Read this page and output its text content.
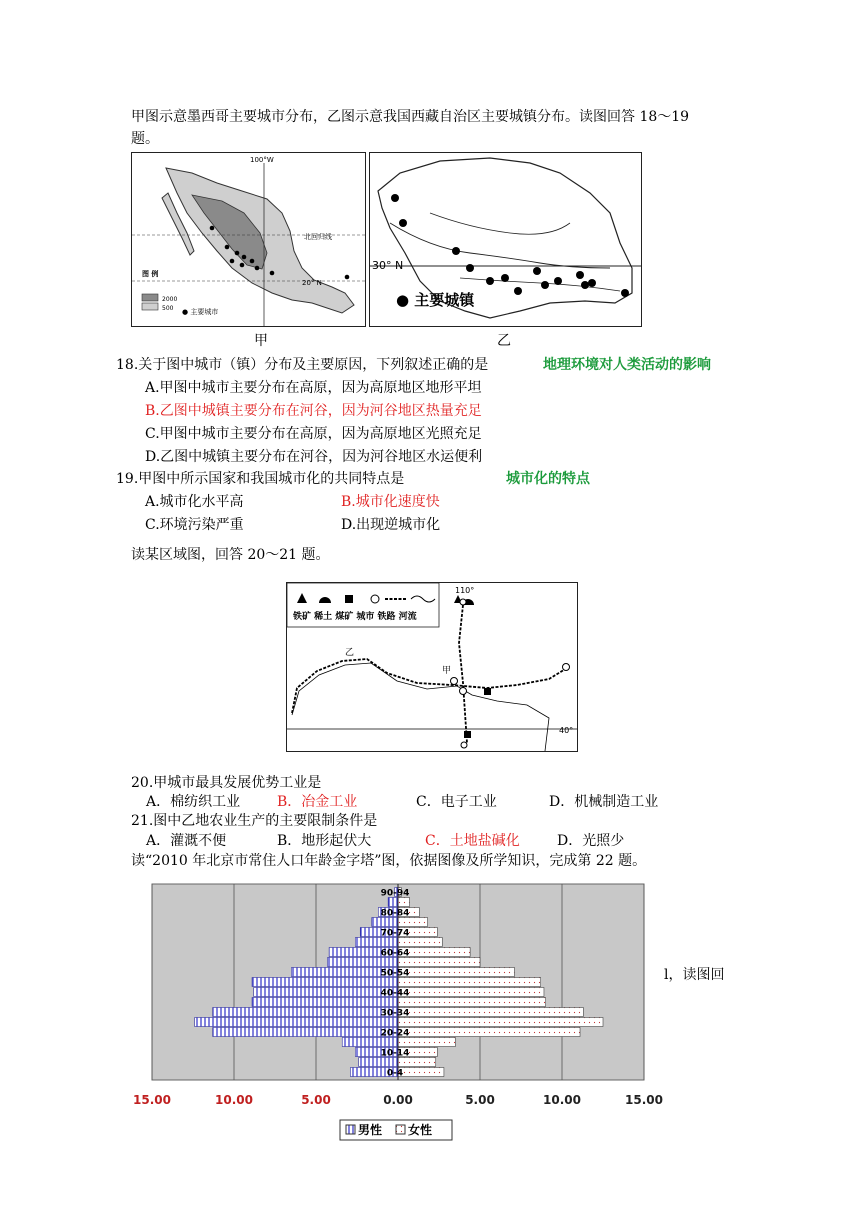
甲图示意墨西哥主要城市分布，乙图示意我国西藏自治区主要城镇分布。读图回答 18～19
题。
100°W
北回归线
20° N
图 例
2000
500 ● 主要城市
甲
30° N
● 主要城镇
乙
18.关于图中城市（镇）分布及主要原因，下列叙述正确的是	地理环境对人类活动的影响
A.甲图中城市主要分布在高原，因为高原地区地形平坦
B.乙图中城镇主要分布在河谷，因为河谷地区热量充足
C.甲图中城市主要分布在高原，因为高原地区光照充足
D.乙图中城镇主要分布在河谷，因为河谷地区水运便利
19.甲图中所示国家和我国城市化的共同特点是	城市化的特点
A.城市化水平高	B.城市化速度快
C.环境污染严重	D.出现逆城市化
读某区域图，回答 20～21 题。
铁矿 稀土 煤矿 城市 铁路 河流
110°
乙
甲
40°
20.甲城市最具发展优势工业是
A．棉纺织工业	B．冶金工业	C．电子工业	D．机械制造工业
21.图中乙地农业生产的主要限制条件是
A．灌溉不便	B．地形起伏大	C．土地盐碱化	D．光照少
读“2010 年北京市常住人口年龄金字塔”图，依据图像及所学知识，完成第 22 题。
l，读图回
0-4
10-14
20-24
30-34
40-44
50-54
60-64
70-74
80-84
90-94
15.00	10.00	5.00	0.00	5.00	10.00	15.00
男性 女性
